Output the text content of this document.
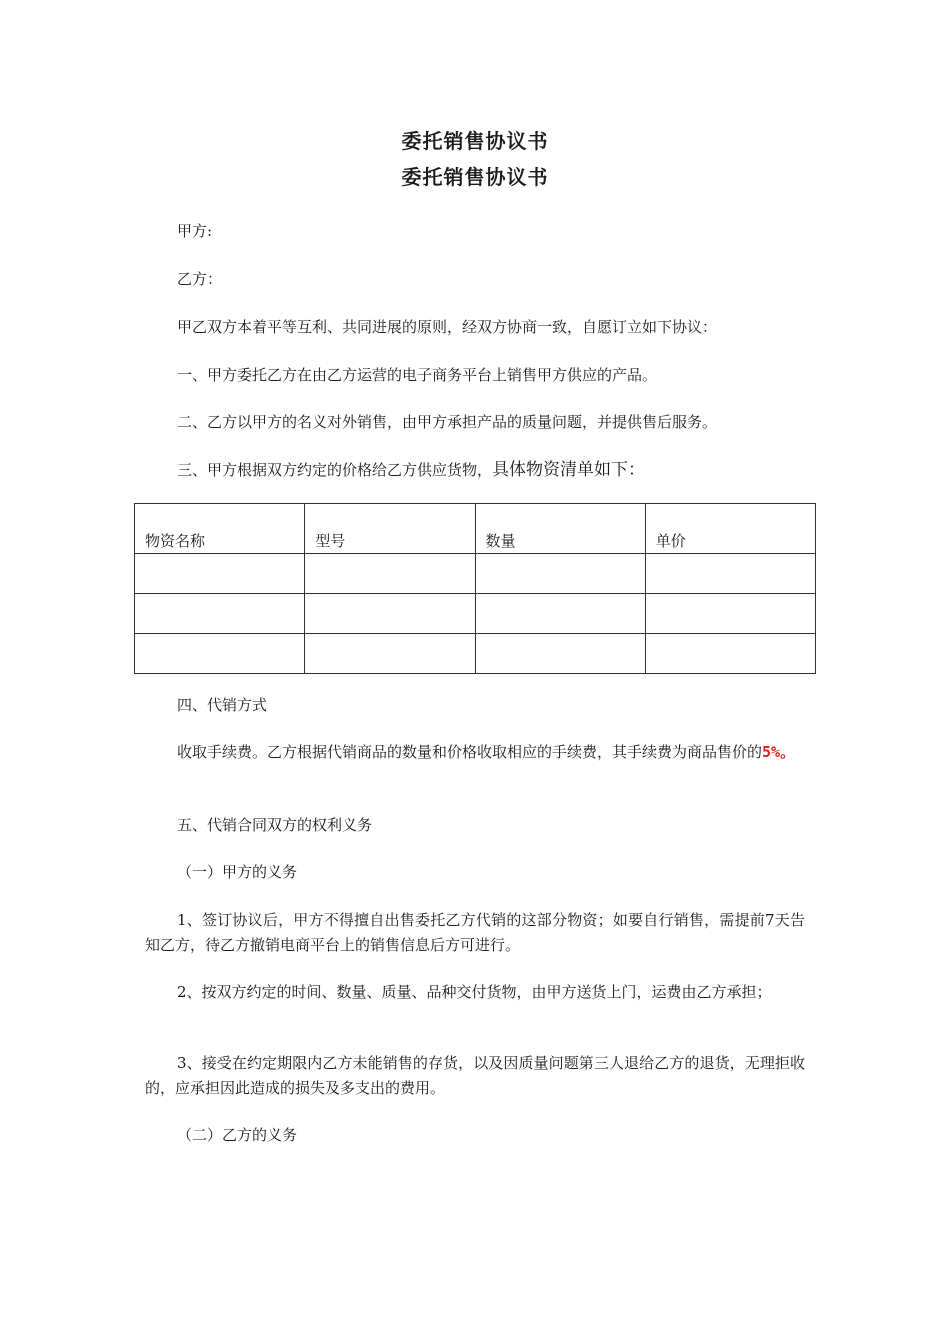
委托销售协议书
委托销售协议书
甲方:
乙方：
甲乙双方本着平等互利、共同进展的原则，经双方协商一致，自愿订立如下协议：
一、甲方委托乙方在由乙方运营的电子商务平台上销售甲方供应的产品。
二、乙方以甲方的名义对外销售，由甲方承担产品的质量问题，并提供售后服务。
三、甲方根据双方约定的价格给乙方供应货物，具体物资清单如下：
物资名称	型号	数量	单价

四、代销方式
收取手续费。乙方根据代销商品的数量和价格收取相应的手续费，其手续费为商品售价的5%。
五、代销合同双方的权利义务
（一）甲方的义务
1、签订协议后，甲方不得擅自出售委托乙方代销的这部分物资；如要自行销售，需提前7天告知乙方，待乙方撤销电商平台上的销售信息后方可进行。
2、按双方约定的时间、数量、质量、品种交付货物，由甲方送货上门，运费由乙方承担；
3、接受在约定期限内乙方未能销售的存货，以及因质量问题第三人退给乙方的退货，无理拒收的，应承担因此造成的损失及多支出的费用。
（二）乙方的义务
